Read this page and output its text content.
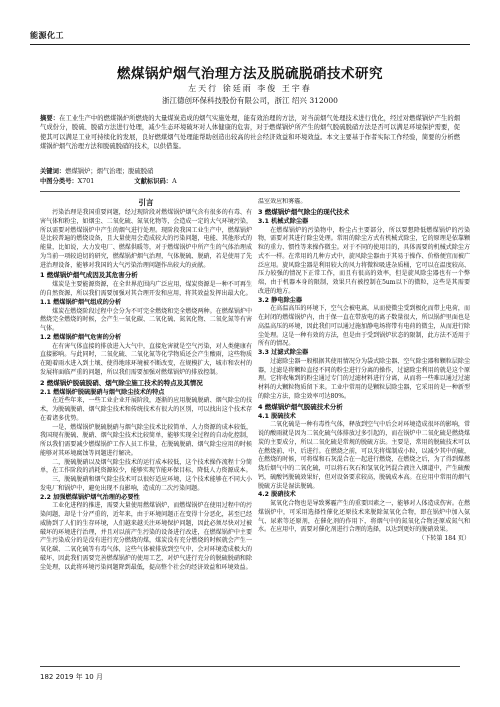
能源化工
燃煤锅炉烟气治理方法及脱硫脱硝技术研究
左天行 徐廷雨 李俊 王宇春
浙江德创环保科技股份有限公司，浙江 绍兴 312000

摘要：在工业生产中的燃煤锅炉所燃烧的大量煤炭造成的烟气实施处理，能有效治理的方法，对当前烟气处理技术进行优化，经过对燃煤锅炉产生的烟气成份分，脱硫、脱硝方法进行处理，减少生态环境破坏对人体健康的危害，对于燃煤锅炉所产生的烟气脱硫脱硝方法是否可以满足环境保护需要，促使其可以满足工业可持续化的发展，良好燃煤烟气处理能帮助创造出较高的社会经济效益和环境效益。本文主要基于作者实际工作经验，简要的分析燃煤锅炉烟气治理方法和脱硫脱硝的技术，以供借鉴。

关键词：燃煤锅炉；烟气治理；脱硫脱硝

中图分类号：X701	文献标识码：A

引言

污染治理是我国重要问题，经过现阶段对燃煤锅炉烟气含有很多的有毒、有害气体和粉尘，如烟尘、二氧化硫、氮氧化物等，会造成一定的大气环境污染，所以需要对燃煤锅炉中产生的烟气进行处理。现阶段我国工业生产中，燃煤锅炉是比较普遍的燃烧设备，且大量使用会造成较大的污染问题，电能、其他形式的能量，比如说，大力发电厂、燃煤供暖等，对于燃煤锅炉中所产生的气体治理成为当前一项较迫切的研究，燃煤锅炉烟气治理，气体脱硫、脱硝，若是使用了先进治理设备，能够对我国的大气污染治理问题作出较大的贡献。

1 燃煤锅炉烟气成因及其危害分析

煤炭是主要能源资源，在全世界范围内广泛应用，煤炭资源是一种不可再生的自然资源，所以我们需要加强对其合理开发和应用，将其效益发挥出最大化。

1.1 燃煤锅炉烟气组成的分析

煤炭在燃烧阶段过程中会分为不可完全燃烧和完全燃烧两种。在燃煤锅炉中燃烧完全燃烧的时候，会产生一氧化碳、二氧化硫、氮氧化物、二氧化氮等有害气体。

1.2 燃煤锅炉烟气危害的分析

在有害气体直接的排放进入大气中，直接危害就是空气污染，对人类健康有直接影响。与此同时，二氧化硫、二氧化氮等化学物质还会产生酸雨，这些物质在随着雨水进入到土壤、使得地球环境被不断改变，在规模扩大，城市和农村的发展将面临严重的问题，所以我们需要加强对燃煤锅炉的排放控制。

2 燃煤锅炉脱硫脱硝、烟气除尘施工技术的特点及其情况
2.1 燃煤锅炉脱硫脱硝与烟气除尘技术的特点

在近些年来，一些工业企业开展阶段，逐渐的应用脱硫脱硝、烟气除尘的技术，为脱硫脱硝、烟气除尘技术和传统技术有很大的区别，可以找出这个技术存在着诸多优势。

一是，燃煤锅炉脱硫脱硝与烟气除尘技术比较简单、人力资源的成本较低，我国现有脱硫、脱硝、烟气除尘技术比较简单，能够实现全过程的自动化控制，所以我们需要减少燃煤锅炉工作人员工作量，在脱硫脱硝、烟气除尘应用的时候能够对其环境腐蚀等问题进行解决。

二，脱硫脱硝以及烟气除尘技术的运行成本较低，这个技术操作流程十分简单，在工作阶段的消耗资源较少，能够实现节能环保目标，降低人力资源成本。

三，脱硫脱硝和烟气除尘技术可以很好适应环境，这个技术能够在不同大小发电厂和锅炉中，避免出现不良影响，造成的二次污染问题。

2.2 加强燃煤锅炉烟气治理的必要性

工业化进程的推进，需要大量使用燃煤锅炉，而燃煤锅炉在使用过程中的污染问题，却是十分严重的，近年来，由于环境问题正在变得十分恶化，甚至已经威胁到了人们的生存环境，人们越来越关注环境保护问题，因此必须尽快对过被破坏的环境进行治理，并且对以前产生污染的设备进行改进，在燃煤锅炉中主要产生污染成分的是没有进行充分燃烧的煤，煤炭没有充分燃烧的时候就会产生一氧化碳、二氧化硫等有毒气体，这些气体被排放到空气中，会对环境造成极大的破坏，因此我们需要完善燃煤锅炉的使用工艺，对炉气进行充分的脱硫脱硝和除尘处理，以此将环境污染问题降到最低，提高整个社会的经济效益和环境效益。

温室效应和雾霾。

3 燃煤锅炉烟气除尘的现代技术
3.1 机械式除尘器

在燃煤锅炉的污染物中，粉尘占主要部分，所以要想降低燃煤锅炉的污染物，需要对其进行除尘处理。常用的除尘方式有机械式除尘，它的原理是依靠颗粒的重力、惯性等来操作微尘。对于不同的使用目的，具体需要的机械式除尘方式不一样。在常用的几种方式中，旋风除尘器由于其易于操作、价格便宜而被广泛应用。旋风除尘器是利用较大的风力将微粒吸进杂质桶，它可以在温度较高、压力较强的情况下正常工作，而且有很高的效率，但是旋风除尘器也有一个弊端，由于机器本身的限制，效果只有被控制在5um以下的微粒，这些是其需要改进的地方。

3.2 静电除尘器

在高温高压的环境下，空气会被电离，从而使微尘受到极化而带上电荷，而在封闭的燃煤锅炉内，由于保一直在带放电的离子数量很大，所以锅炉里面也是高温高压的环境，因此我们可以通过施加静电场将带有电荷的微尘，从而进行除尘处理。这是一种有效的方法，但是由于受到锅炉状态的限制，此方法不适用于所有的情况。

3.3 过滤式除尘器

过滤除尘器一般根据其使用情况分为袋式除尘器、空气除尘器和颗粒层除尘器，过滤是将颗粒直径不同的粉尘进行分离的操作，过滤除尘利用的就是这个原理。它将收集到的粉尘通过专门的过滤材料进行分离，从而将一些难以通过过滤材料的大颗粒物质留下来。工业中常用的是颗粒层除尘器，它采用的是一种新型的除尘方法，除尘效率可达80%。

4 燃煤锅炉烟气脱硫技术分析
4.1 脱硫技术

二氧化硫是一种有毒性气体，释放到空气中后会对环境造成很坏的影响，常说的酸雨就是因为二氧化硫气体排放过多引起的，而在锅炉中二氧化硫是燃烧煤炭的主要成分，所以二氧化硫是常规的脱硫方法。主要是，常用的脱硫技术可以在燃烧前、中、后进行。在燃烧之前，可以先将煤制成小粒，以减少其中的硫，在燃烧的时候，可将煤和石灰混合在一起进行燃烧，在燃烧之后，为了得到煤燃烧后烟气中的二氧化硫，可以将石灰石和氢氧化钙混合液注入烟道中，产生硫酸钙，硫酸钙脱硫效果好，但对设备要求较高，脱硫成本高。在应用中常用的烟气脱硫方法是湿法脱硫。

4.2 脱硝技术

氮氧化合物也是导致雾霾产生的重要因素之一，能够对人体造成伤害。在燃煤锅炉中，可采用选择性催化还原技术来脱除氮氧化合物，即在锅炉中加入氨气、尿素等还原剂，在催化剂的作用下，将烟气中的氮氧化合物还原成氮气和水。在应用中，需要对催化剂进行合理的选择，以达到更好的脱硝效果。

（下转第 184 页）

182 2019 年 10 月
